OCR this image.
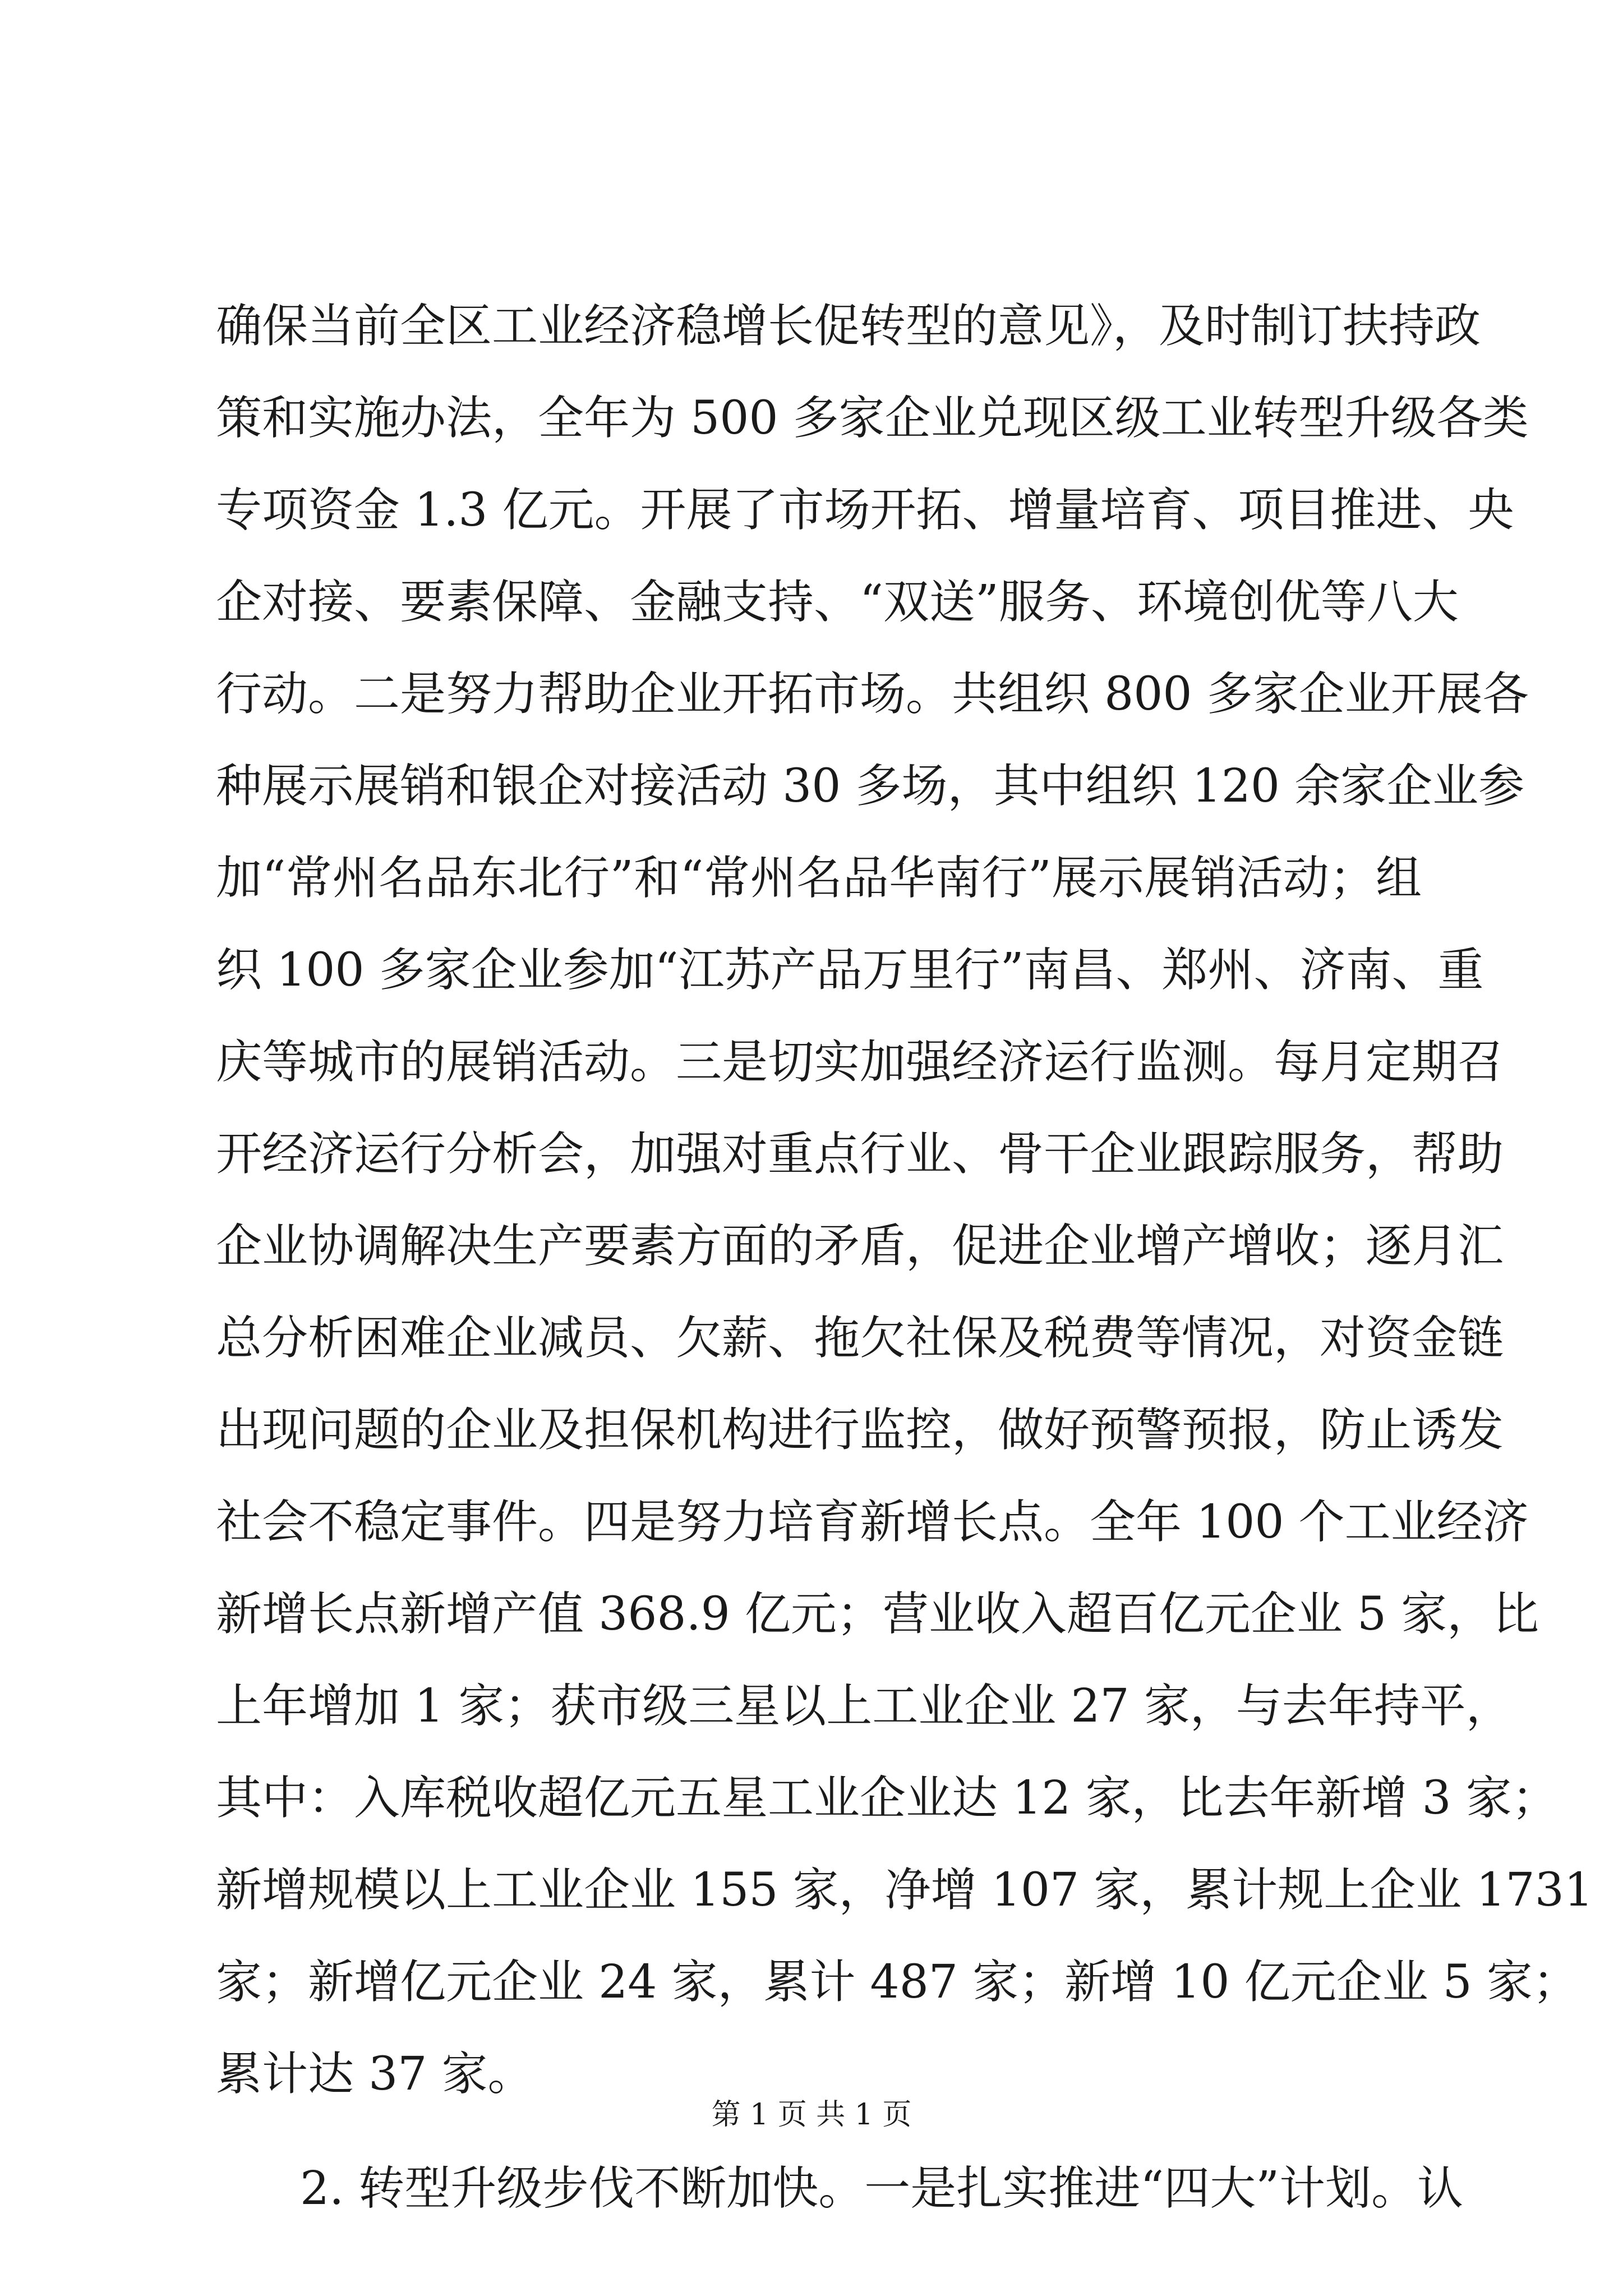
确保当前全区工业经济稳增长促转型的意见》，及时制订扶持政
策和实施办法，全年为 500 多家企业兑现区级工业转型升级各类
专项资金 1.3 亿元。开展了市场开拓、增量培育、项目推进、央
企对接、要素保障、金融支持、“双送”服务、环境创优等八大
行动。二是努力帮助企业开拓市场。共组织 800 多家企业开展各
种展示展销和银企对接活动 30 多场，其中组织 120 余家企业参
加“常州名品东北行”和“常州名品华南行”展示展销活动；组
织 100 多家企业参加“江苏产品万里行”南昌、郑州、济南、重
庆等城市的展销活动。三是切实加强经济运行监测。每月定期召
开经济运行分析会，加强对重点行业、骨干企业跟踪服务，帮助
企业协调解决生产要素方面的矛盾，促进企业增产增收；逐月汇
总分析困难企业减员、欠薪、拖欠社保及税费等情况，对资金链
出现问题的企业及担保机构进行监控，做好预警预报，防止诱发
社会不稳定事件。四是努力培育新增长点。全年 100 个工业经济
新增长点新增产值 368.9 亿元；营业收入超百亿元企业 5 家，比
上年增加 1 家；获市级三星以上工业企业 27 家，与去年持平，
其中：入库税收超亿元五星工业企业达 12 家，比去年新增 3 家；
新增规模以上工业企业 155 家，净增 107 家，累计规上企业 1731
家；新增亿元企业 24 家，累计 487 家；新增 10 亿元企业 5 家；
累计达 37 家。
2. 转型升级步伐不断加快。一是扎实推进“四大”计划。认
第 1 页 共 1 页
